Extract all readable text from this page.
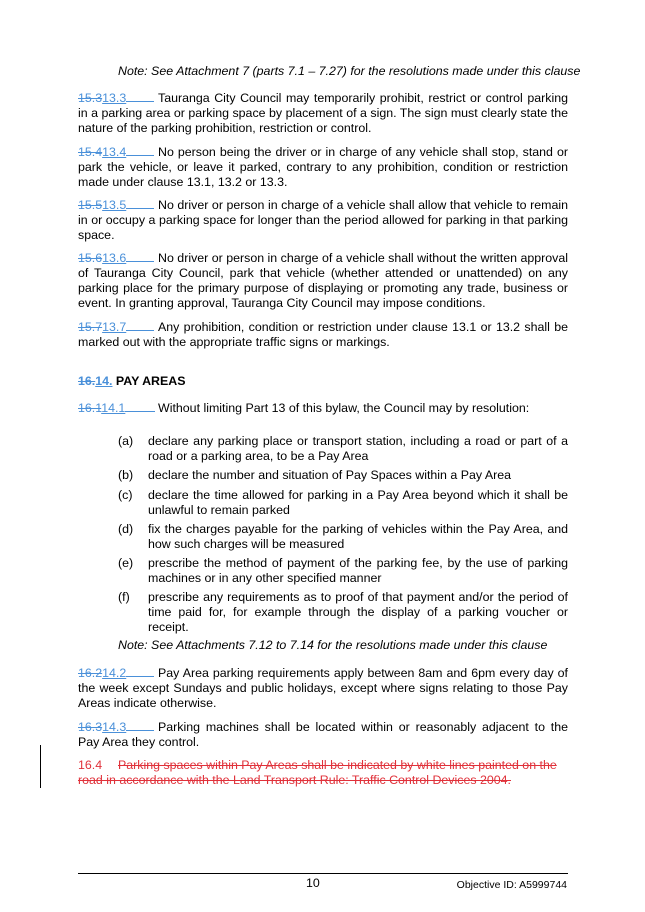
Note: See Attachment 7 (parts 7.1 – 7.27) for the resolutions made under this clause
15.313.3	Tauranga City Council may temporarily prohibit, restrict or control parking in a parking area or parking space by placement of a sign. The sign must clearly state the nature of the parking prohibition, restriction or control.
15.413.4	No person being the driver or in charge of any vehicle shall stop, stand or park the vehicle, or leave it parked, contrary to any prohibition, condition or restriction made under clause 13.1, 13.2 or 13.3.
15.513.5	No driver or person in charge of a vehicle shall allow that vehicle to remain in or occupy a parking space for longer than the period allowed for parking in that parking space.
15.613.6	No driver or person in charge of a vehicle shall without the written approval of Tauranga City Council, park that vehicle (whether attended or unattended) on any parking place for the primary purpose of displaying or promoting any trade, business or event. In granting approval, Tauranga City Council may impose conditions.
15.713.7	Any prohibition, condition or restriction under clause 13.1 or 13.2 shall be marked out with the appropriate traffic signs or markings.
16.14. PAY AREAS
16.114.1	Without limiting Part 13 of this bylaw, the Council may by resolution:
(a) declare any parking place or transport station, including a road or part of a road or a parking area, to be a Pay Area
(b) declare the number and situation of Pay Spaces within a Pay Area
(c) declare the time allowed for parking in a Pay Area beyond which it shall be unlawful to remain parked
(d) fix the charges payable for the parking of vehicles within the Pay Area, and how such charges will be measured
(e) prescribe the method of payment of the parking fee, by the use of parking machines or in any other specified manner
(f) prescribe any requirements as to proof of that payment and/or the period of time paid for, for example through the display of a parking voucher or receipt.
Note: See Attachments 7.12 to 7.14 for the resolutions made under this clause
16.214.2	Pay Area parking requirements apply between 8am and 6pm every day of the week except Sundays and public holidays, except where signs relating to those Pay Areas indicate otherwise.
16.314.3	Parking machines shall be located within or reasonably adjacent to the Pay Area they control.
16.4 Parking spaces within Pay Areas shall be indicated by white lines painted on the road in accordance with the Land Transport Rule: Traffic Control Devices 2004.
10	Objective ID: A5999744
